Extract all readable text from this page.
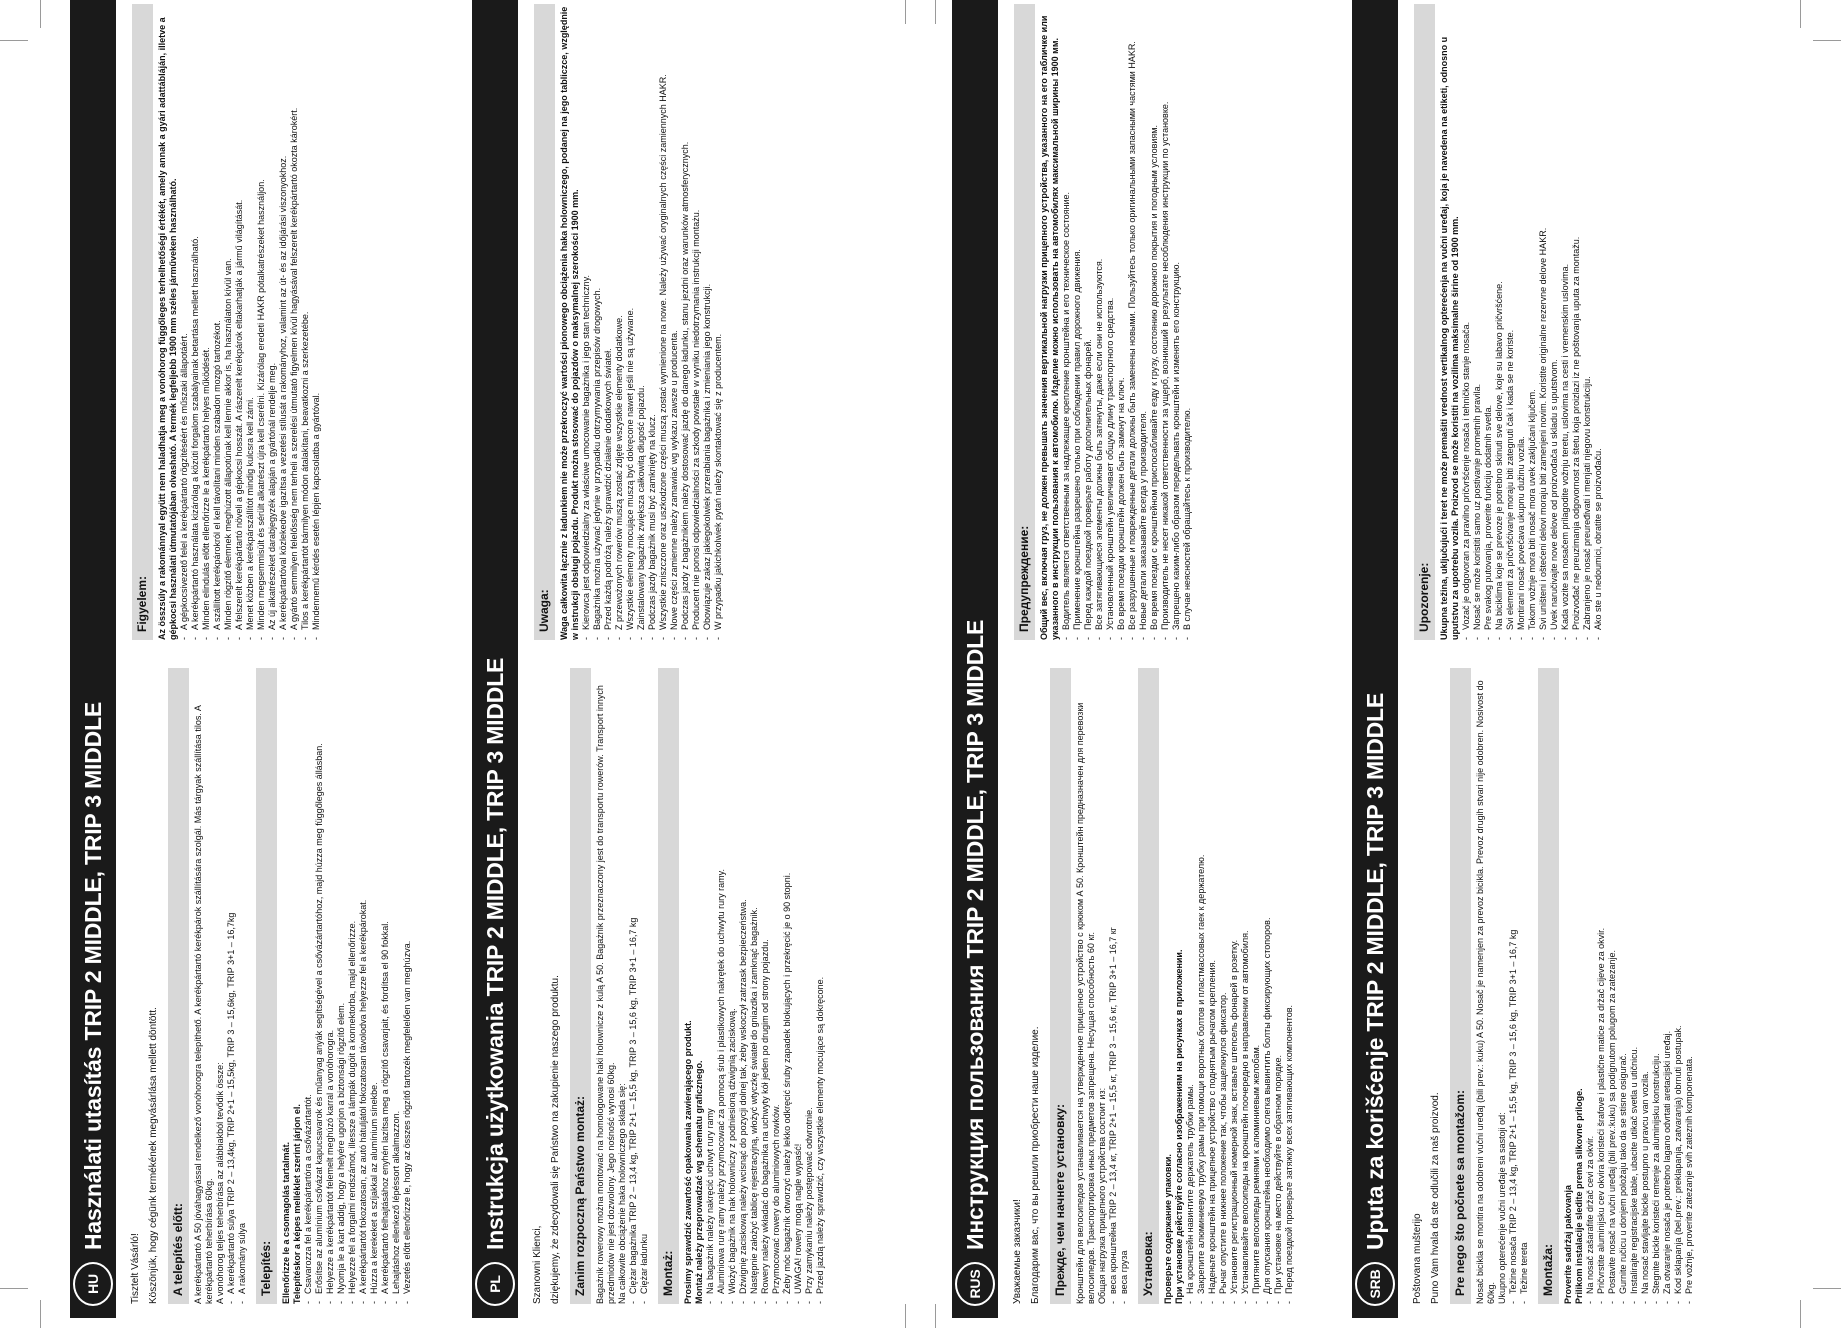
HU
Használati utasítás TRIP 2 MIDDLE, TRIP 3 MIDDLE
Tisztelt Vásárló! Köszönjük, hogy cégünk termékének megvásárlása mellett döntött. A telepítés előtt: A kerékpártartó A 50 jóváhagyással rendelkező vonóhorogra telepíthető. A kerékpártartó kerékpárok szállítására szolgál. Más tárgyak szállítása tilos. A kerékpártartó teherbírása 60kg. A vonóhorog teljes teherbírása az alábbiakból tevődik össze: - A kerékpártartó súlya TRIP 2 – 13,4kg, TRIP 2+1 – 15,5kg, TRIP 3 – 15,6kg, TRIP 3+1 – 16,7kg - A rakomány súlya Telepítés: Ellenőrizze le a csomagolás tartalmát. Telepítéskor a képes melléklet szerint járjon el. - Csavarozza fel a kerékpártartóra a csővázártartót. - Erősítse az alumínium csővázat kapucsavarok és műanyag anyák segítségével a csővázártartóhoz, majd húzza meg függőleges állásban. - Helyezze a kerékpártartót felemelt meghúzó karral a vonóhorogra. - Nyomja le a kart addig, hogy a helyére ugorjon a biztonsági rögzítő elem. - Helyezze fel a forgalmi rendszámot, illessze a lámpák dugóit a konnektorba, majd ellenőrizze. - A kerékpártartót fokozatosan, az autó hátuljától fokozatosan távolodva helyezze fel a kerékpárokat. - Húzza a kerekeket a szíjakkal az alumínium sínekbe. - A kerékpártartó felhajtásához enyhén lazítsa meg a rögzítő csavarjait, és fordítsa el 90 fokkal. - Lehajtáshoz ellenkező lépéssort alkalmazzon. - Vezetés előtt ellenőrizze le, hogy az összes rögzítő tartozék megfelelően van meghúzva.
Figyelem: Az összsúly a rakománnyal együtt nem haladhatja meg a vonóhorog függőleges terhelhetőségi értékét, amely annak a gyári adattábláján, illetve a gépkocsi használati útmutatójában olvasható. A termék legfeljebb 1900 mm széles járműveken használható. - A gépkocsivezető felel a kerékpártartó rögzítéséért és műszaki állapotáért. - A kerékpártartó használata kizárólag a közúti forgalom szabályainak betartása mellett használható. - Minden elindulás előtt ellenőrizze le a kerékpártartó helyes működését. - A szállított kerékpárokról el kell távolítani minden szabadon mozgó tartozékot. - Minden rögzítő elemnek meghúzott állapotúnak kell lennie akkor is, ha használaton kívül van. - A felszerelt kerékpártartó növeli a gépkocsi hosszát. A rászerelt kerékpárok eltakarhatják a jármű világítását. - Menet közben a kerékpárszállítót mindig kulcsra kell zárni. - Minden megsemmisült és sérült alkatrészt újra kell cserélni. Kizárólag eredeti HAKR pótalkatrészeket használjon. - Az új alkatrészeket darabjegyzék alapján a gyártónál rendelje meg. - A kerékpártartóval közlekedve igazítsa a vezetési stílusát a rakományhoz, valamint az út- és az időjárási viszonyokhoz. - A gyártó semmilyen felelősség nem terheli a szerelési útmutató figyelmen kívül hagyásával felszerelt kerékpártartó okozta károkért. - Tilos a kerékpártartót bármilyen módon átalakítani, beavatkozni a szerkezetébe. - Mindennemű kérdés esetén lépjen kapcsolatba a gyártóval.
PL
Instrukcja użytkowania TRIP 2 MIDDLE, TRIP 3 MIDDLE
Szanowni Klienci, dziękujemy, że zdecydowali się Państwo na zakupienie naszego produktu. Zanim rozpoczną Państwo montaż: Bagażnik rowerowy można montować na homologowane haki holownicze z kulą A 50. Bagażnik przeznaczony jest do transportu rowerów. Transport innych przedmiotów nie jest dozwolony. Jego nośność wynosi 60kg. Na całkowite obciążenie haka holowniczego składa się: - Ciężar bagażnika TRIP 2 – 13,4 kg, TRIP 2+1 – 15,5 kg, TRIP 3 – 15,6 kg, TRIP 3+1 – 16,7 kg - Ciężar ładunku Montaż: Prosimy sprawdzić zawartość opakowania zawierającego produkt. Montaż należy przeprowadzać wg schematu graficznego. - Na bagażnik należy nakręcić uchwyt rury ramy - Aluminiowa rurę ramy należy przymocować za pomocą śrub i plastikowych nakrętek do uchwytu rury ramy. - Włożyć bagażnik na hak holowniczy z podniesioną dźwignią zaciskową. - Dźwignię zaciskową należy wcisnąć do pozycji dolnej tak, żeby wskoczył zatrzask bezpieczeństwa. - Następnie założyć tablicę rejestracyjną, włożyć wtyczkę świateł do gniazdka i zamknąć bagażnik. - Rowery należy wkładać do bagażnika na uchwyty kół jeden po drugim od strony pojazdu. - Przymocować rowery do aluminiowych rowków. - Żeby móc bagażnik otworzyć należy lekko odkręcić śruby zapadek blokujących i przekręcić je o 90 stopni. - UWAGA! rowery mogą nagle wypaść! - Przy zamykaniu należy postępować odwrotnie. - Przed jazdą należy sprawdzić, czy wszystkie elementy mocujące są dokręcone.
Uwaga: Waga całkowita łącznie z ładunkiem nie może przekroczyć wartości pionowego obciążenia haka holowniczego, podanej na jego tabliczce, względnie w instrukcji obsługi pojazdu. Produkt można stosować do pojazdów o maksymalnej szerokości 1900 mm. - Kierowca jest odpowiedzialny za właściwe umocowanie bagażnika i jego stan techniczny. - Bagażnika można używać jedynie w przypadku dotrzymywania przepisów drogowych. - Przed każdą podróżą należy sprawdzić działanie dodatkowych świateł. - Z przewożonych rowerów muszą zostać zdjęte wszystkie elementy dodatkowe. - Wszystkie elementy mocujące muszą być dokręcone nawet jeśli nie są używane. - Zainstalowany bagażnik zwiększa całkowitą długość pojazdu. - Podczas jazdy bagażnik musi być zamknięty na klucz. - Wszystkie zniszczone oraz uszkodzone części muszą zostać wymienione na nowe. Należy używać oryginalnych części zamiennych HAKR. - Nowe części zamienne należy zamawiać wg wykazu zawsze u producenta. - Podczas jazdy z bagażnikiem należy dostosować jazdę do danego ładunku, stanu jezdni oraz warunków atmosferycznych. - Producent nie ponosi odpowiedzialności za szkody powstałe w wyniku niedotrzymania instrukcji montażu. - Obowiązuje zakaz jakiegokolwiek przerabiania bagażnika i zmieniania jego konstrukcji. - W przypadku jakichkolwiek pytań należy skontaktować się z producentem.
RUS
Инструкция пользования TRIP 2 MIDDLE, TRIP 3 MIDDLE
Уважаемые заказчики! Благодарим вас, что вы решили приобрести наше изделие. Прежде, чем начнете установку: Кронштейн для велосипедов устанавливается на утвержденное прицепное устройство с крюком А 50. Кронштейн предназначен для перевозки велосипедов. Транспортировка иных предметов запрещена. Несущая способность 60 кг. Общая нагрузка прицепного устройства состоит из: - веса кронштейна TRIP 2 – 13,4 кг, TRIP 2+1 – 15,5 кг, TRIP 3 – 15,6 кг, TRIP 3+1 – 16,7 кг - веса груза Установка: Проверьте содержание упаковки. При установке действуйте согласно изображениям на рисунках в приложении. - На кронштейн навинтите держатель трубки рамы. - Закрепите алюминиевую трубку рамы при помощи воротных болтов и пластмассовых гаек к держателю. - Наденьте кронштейн на прицепное устройство с поднятым рычагом крепления. - Рычаг опустите в нижнее положение так, чтобы защелкнулся фиксатор. - Установите регистрационный номерной знак, вставьте штепсель фонарей в розетку. - Устанавливайте велосипеды на кронштейн поочередно в направлении от автомобиля. - Притяните велосипеды ремнями к алюминиевым желобам. - Для опускания кронштейна необходимо слегка вывинтить болты фиксирующих стопоров. - При установке на место действуйте в обратном порядке. - Перед поездкой проверьте затяжку всех затягивающих компонентов.
Предупреждение: Общий вес, включая груз, не должен превышать значения вертикальной нагрузки прицепного устройства, указанного на его табличке или указанного в инструкции пользования к автомобилю. Изделие можно использовать на автомобилях максимальной ширины 1900 мм. - Водитель является ответственным за надлежащее крепление кронштейна и его техническое состояние. - Применение кронштейна разрешено только при соблюдении правил дорожного движения. - Перед каждой поездкой проверьте работу дополнительных фонарей. - Все затягивающиеся элементы должны быть затянуты, даже если они не используются. - Установленный кронштейн увеличивает общую длину транспортного средства. - Во время поездки кронштейн должен быть замкнут на ключ. - Все разрушенные и поврежденные детали должны быть заменены новыми. Пользуйтесь только оригинальными запасными частями HAKR. - Новые детали заказывайте всегда у производителя. - Во время поездки с кронштейном приспосабливайте езду к грузу, состоянию дорожного покрытия и погодным условиям. - Производитель не несет никакой ответственности за ущерб, возникший в результате несоблюдения инструкции по установке. - Запрещено каким-либо образом переделывать кронштейн и изменять его конструкцию. - В случае неясностей обращайтесь к производителю.
SRB
Uputa za korišćenje TRIP 2 MIDDLE, TRIP 3 MIDDLE
Poštovana mušterijo Puno Vam hvala da ste odlučili za naš proizvod. Pre nego što počnete sa montažom: Nosač bicikla se montira na odobreni vučni uređaj (bili prev.: kuku) A 50. Nosač je namenjen za prevoz bicikla. Prevoz drugih stvari nije odobren. Nosivost do 60kg. Ukupno opterećenje vučni uređaje sa sastoji od: - Težine nosača TRIP 2 – 13,4 kg, TRIP 2+1 – 15,5 kg, TRIP 3 – 15,6 kg, TRIP 3+1 – 16,7 kg - Težine tereta Montaža: Proverite sadržaj pakovanja Prilikom instalacije sledite prema slikovne priloge. - Na nosač zašarafite držač cevi za okvir. - Pričvrstite aluminijsku cev okvira koristeći šrafove i plastične matice za držač cijeve za okvir. - Postavite nosač na vučni uređaj (bili prev.:kuku) sa podignutom polugom za zatezanje. - Gurnite ručicu u donjem položaju tako da se stisne osigurač. - Instalirajte registracijske table, ubacite utikač svetla u utičnicu. - Na nosač stavljajte bickle postupno u pravcu van vozila. - Stegnite bickle koristeći remenje za aluminijsku konstrukciju. - Za otvaranje nosača je potrebno lagano odvrtati aretacijski uređaj. - Kod sklapanja (bel.prev.: preklapanja, zatvaranja) obrnuti postupak. - Pre vožnje, proverite zatezanje svih zateznih komponenata.
Upozorenje: Ukupna težina, uključujući i teret ne može premašiti vrednost vertikalnog opterećenja na vučni uređaj, koja je navedena na etiketi, odnosno u uputstvu za upotrebu vozila. Proizvod se može koristiti na vozilima maksimalne širine od 1900 mm. - Vozač je odgovoran za pravilno pričvršćenje nosača i tehničko stanje nosača. - Nosač se može koristiti samo uz postivanje prometnih pravila. - Pre svakog putovanja, proverite funkciju dodatnih svetla. - Na biciklima koje se prevoze je potrebno skinuti sve delove, koje su labavo pričvršćene. - Svi elementi za pričvršćivanje moraju biti zategnuti čak i kada se ne koriste. - Montirani nosač povećava ukupnu dužinu vozila. - Tokom vožnje mora biti nosač mora uvek zaključani ključem. - Svi uništeni i oštećeni delovi moraju biti zamenjeni novim. Koristite originalne rezervne delove HAKR. - Uvek naručivajte nove delove od proizvođača u skladu s uputstvom. - Kada vozite sa nosačem prilagodite vožnju teretu, uslovima na cesti i vremenskim uslovima. - Proizvođač ne preuzimanja odgovornost za štetu koja proizlazi iz ne poštovanja uputa za montažu. - Zabranjeno je nosač preuređivati i menjati njegovu konstrukciju. - Ako ste u nedoumici, obratite se proizvođaču.
